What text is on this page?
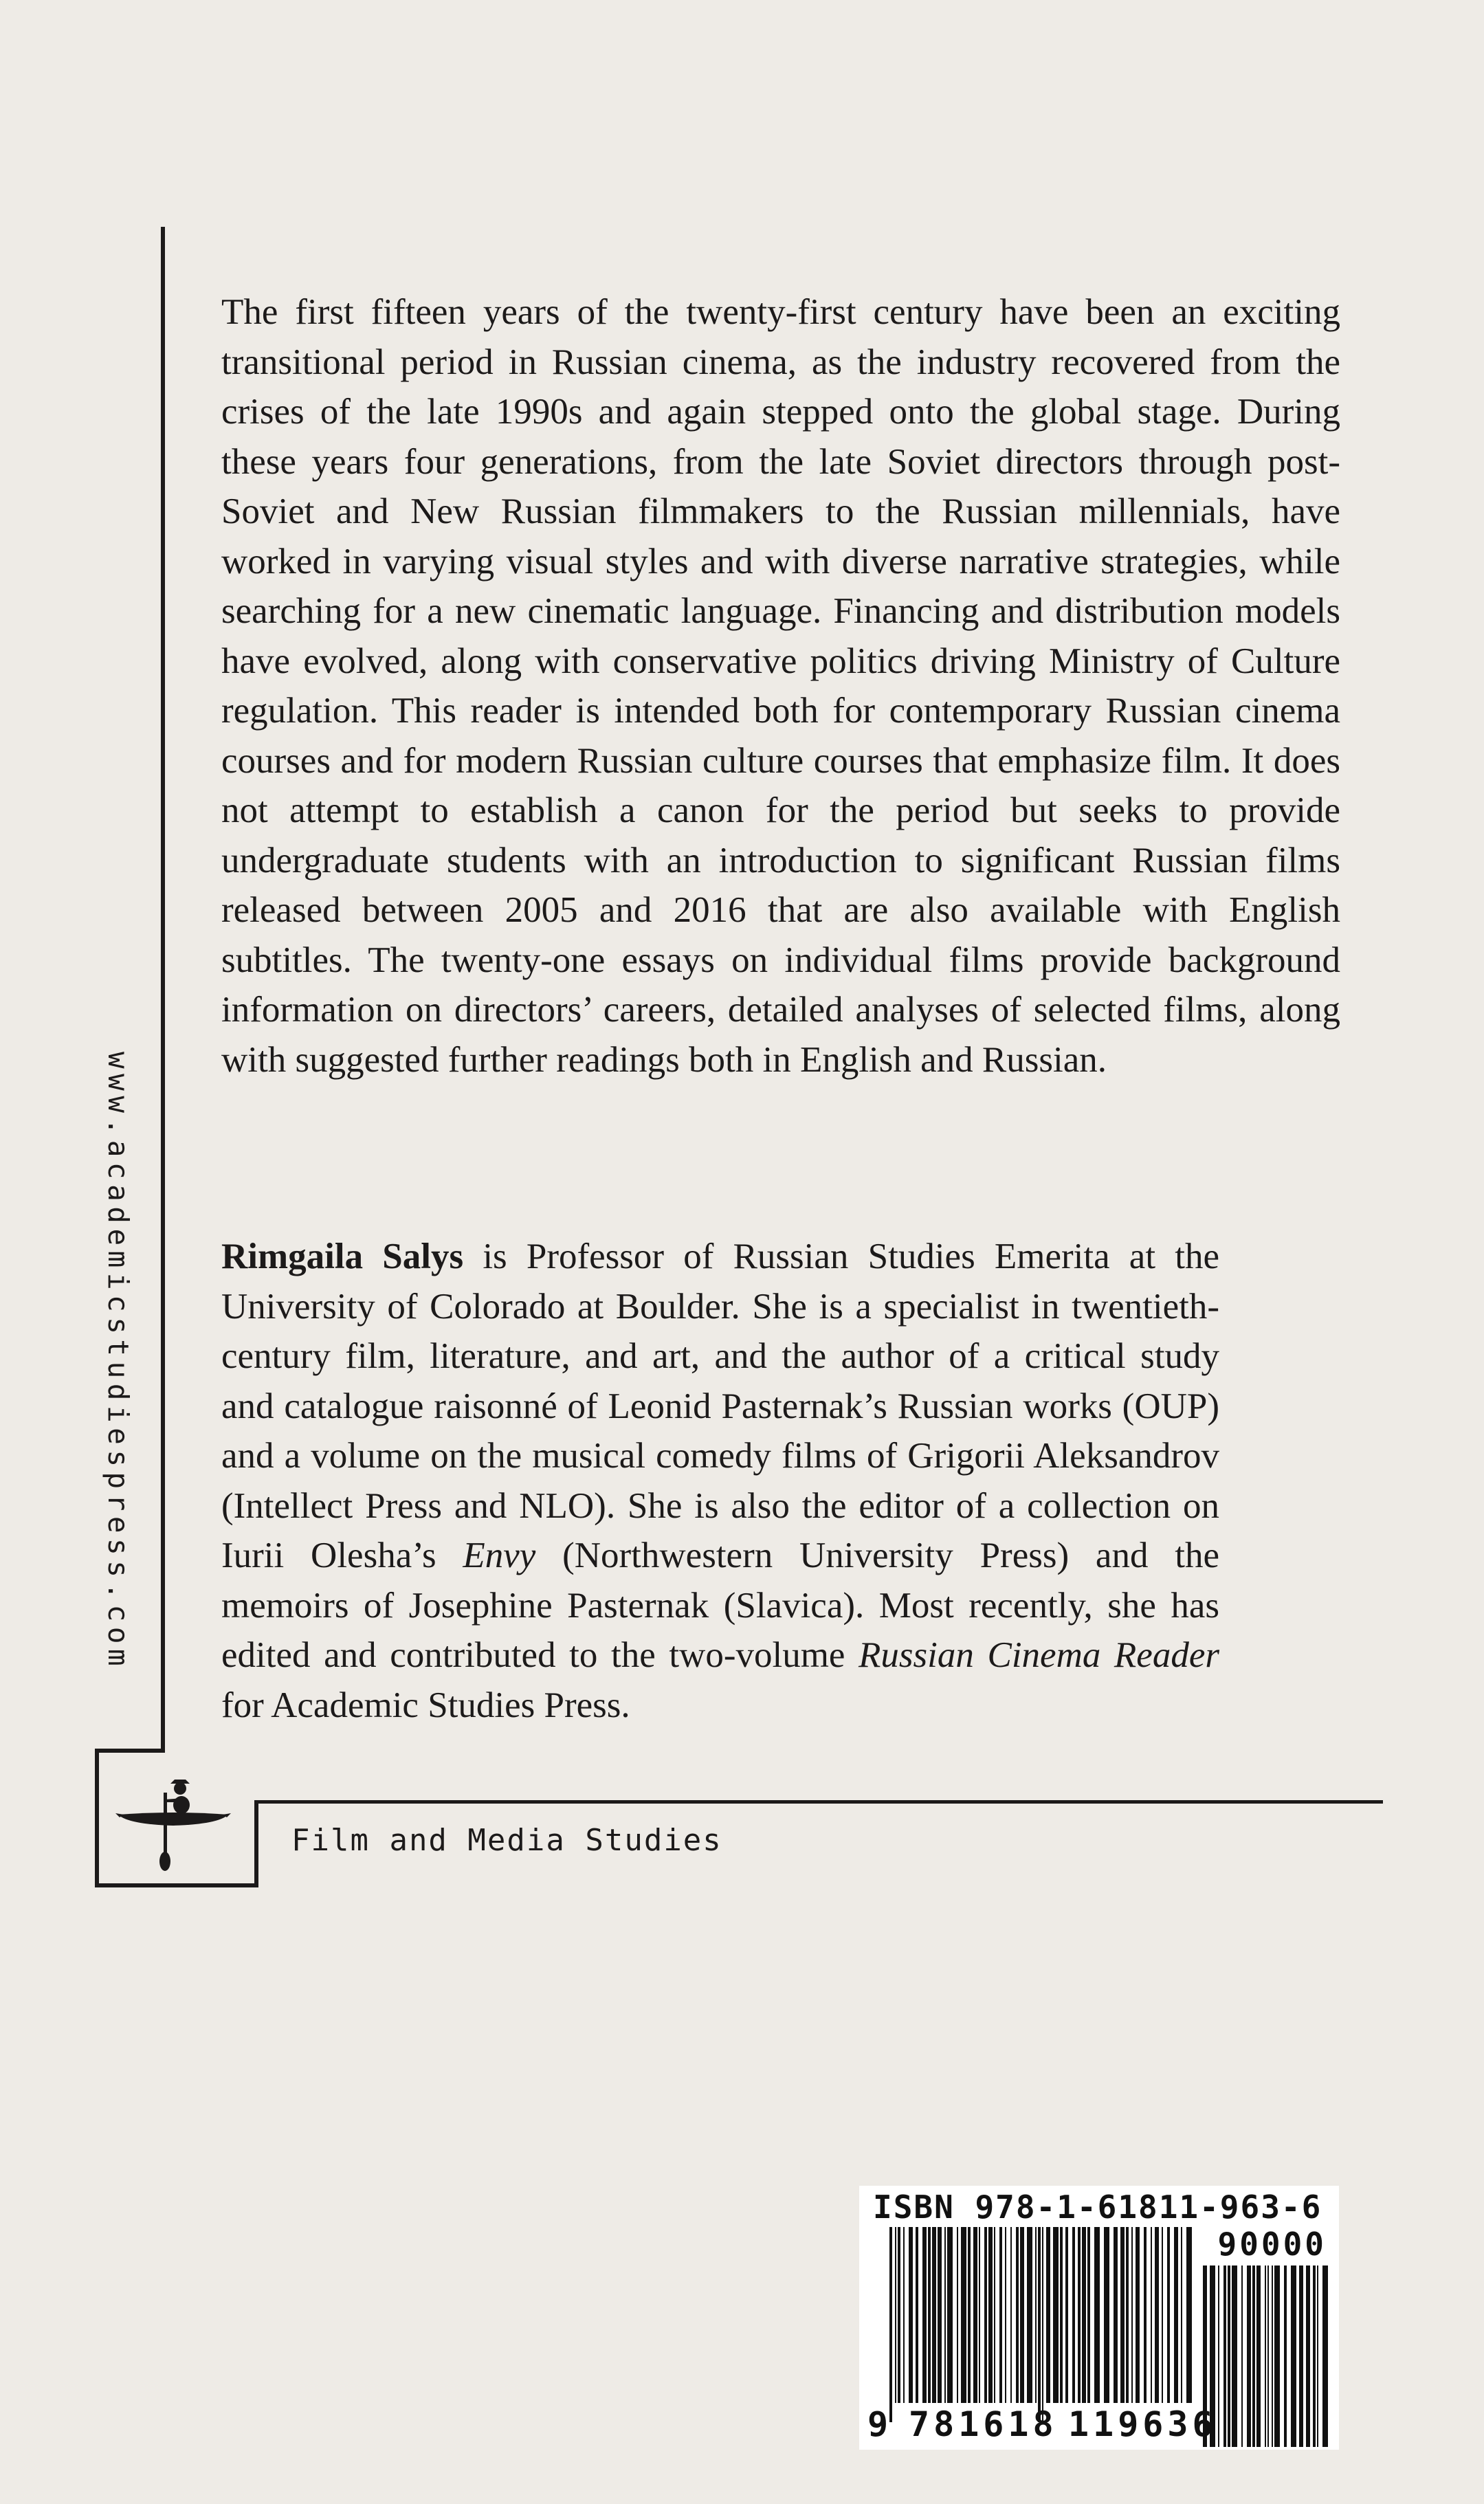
The first fifteen years of the twenty-first century have been an exciting transitional period in Russian cinema, as the industry recovered from the crises of the late 1990s and again stepped onto the global stage. During these years four generations, from the late Soviet directors through post-Soviet and New Russian filmmakers to the Russian millennials, have worked in varying visual styles and with diverse narrative strategies, while searching for a new cinematic language. Financing and distribution models have evolved, along with conservative politics driving Ministry of Culture regulation. This reader is intended both for contemporary Russian cinema courses and for modern Russian culture courses that emphasize film. It does not attempt to establish a canon for the period but seeks to provide undergraduate students with an introduction to significant Russian films released between 2005 and 2016 that are also available with English subtitles. The twenty-one essays on individual films provide background information on directors’ careers, detailed analyses of selected films, along with suggested further readings both in English and Russian.

Rimgaila Salys is Professor of Russian Studies Emerita at the University of Colorado at Boulder. She is a specialist in twentieth-century film, literature, and art, and the author of a critical study and catalogue raisonné of Leonid Pasternak’s Russian works (OUP) and a volume on the musical comedy films of Grigorii Aleksandrov (Intellect Press and NLO). She is also the editor of a collection on Iurii Olesha’s Envy (Northwestern University Press) and the memoirs of Josephine Pasternak (Slavica). Most recently, she has edited and contributed to the two-volume Russian Cinema Reader for Academic Studies Press.

www.academicstudiespress.com
Film and Media Studies
ISBN 978-1-61811-963-6
90000
9 781618 119636
